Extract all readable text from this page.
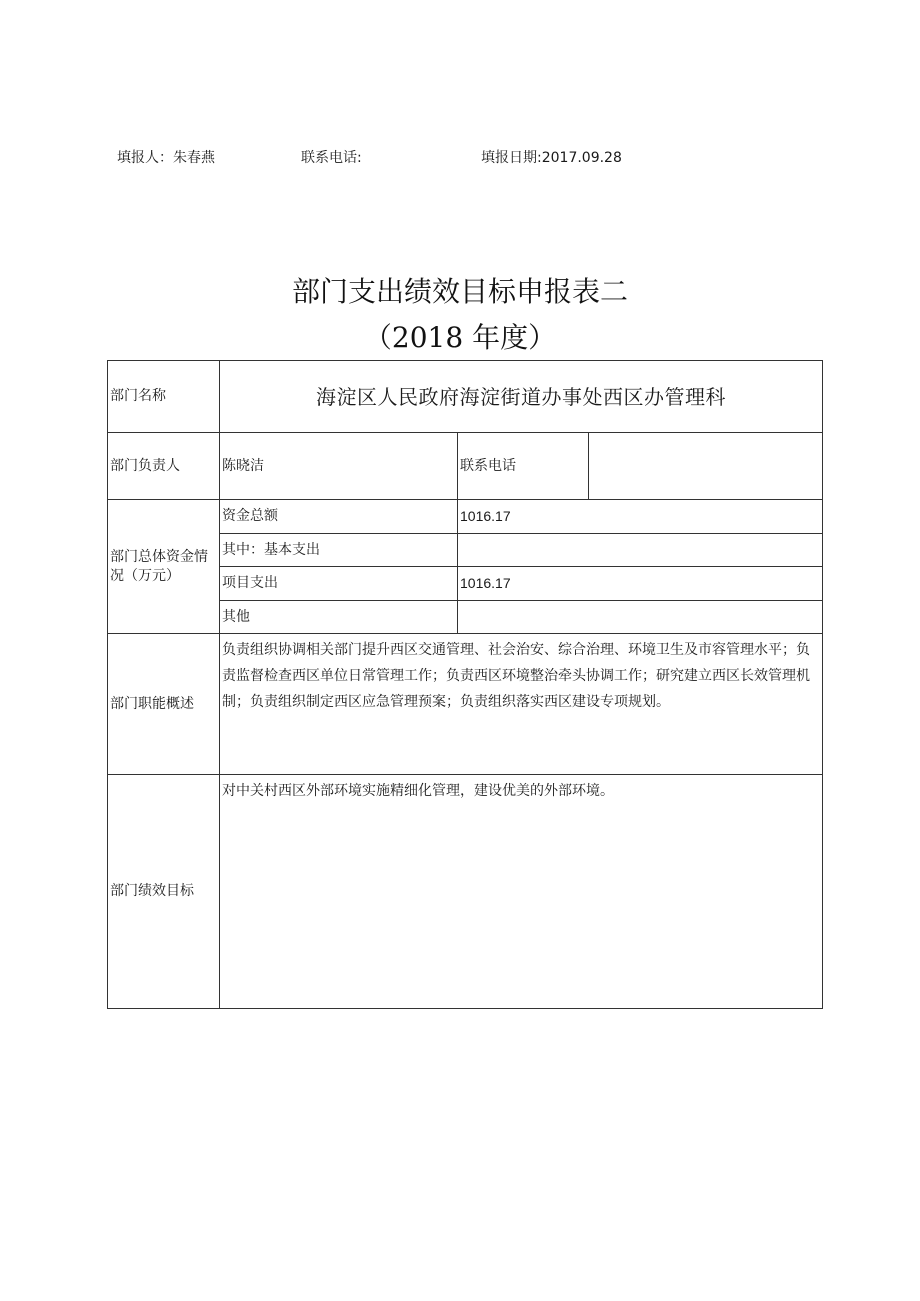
填报人：朱春燕	联系电话:	填报日期:2017.09.28
部门支出绩效目标申报表二
（2018 年度）
部门名称	海淀区人民政府海淀街道办事处西区办管理科		
部门负责人	陈晓洁	联系电话	
部门总体资金情况（万元）	资金总额	1016.17	
	其中：基本支出		
	项目支出	1016.17	
	其他		
部门职能概述	负责组织协调相关部门提升西区交通管理、社会治安、综合治理、环境卫生及市容管理水平；负责监督检查西区单位日常管理工作；负责西区环境整治牵头协调工作；研究建立西区长效管理机制；负责组织制定西区应急管理预案；负责组织落实西区建设专项规划。		
部门绩效目标	对中关村西区外部环境实施精细化管理，建设优美的外部环境。		
